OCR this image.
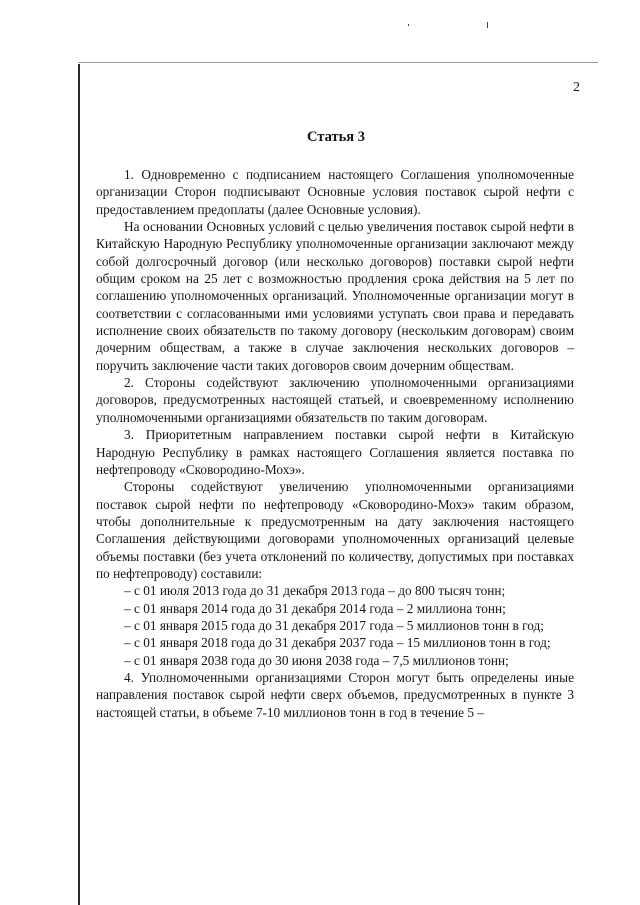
2
Статья 3

1. Одновременно с подписанием настоящего Соглашения уполномоченные организации Сторон подписывают Основные условия поставок сырой нефти с предоставлением предоплаты (далее Основные условия).

На основании Основных условий с целью увеличения поставок сырой нефти в Китайскую Народную Республику уполномоченные организации заключают между собой долгосрочный договор (или несколько договоров) поставки сырой нефти общим сроком на 25 лет с возможностью продления срока действия на 5 лет по соглашению уполномоченных организаций. Уполномоченные организации могут в соответствии с согласованными ими условиями уступать свои права и передавать исполнение своих обязательств по такому договору (нескольким договорам) своим дочерним обществам, а также в случае заключения нескольких договоров – поручить заключение части таких договоров своим дочерним обществам.

2. Стороны содействуют заключению уполномоченными организациями договоров, предусмотренных настоящей статьей, и своевременному исполнению уполномоченными организациями обязательств по таким договорам.

3. Приоритетным направлением поставки сырой нефти в Китайскую Народную Республику в рамках настоящего Соглашения является поставка по нефтепроводу «Сковородино-Мохэ».

Стороны содействуют увеличению уполномоченными организациями поставок сырой нефти по нефтепроводу «Сковородино-Мохэ» таким образом, чтобы дополнительные к предусмотренным на дату заключения настоящего Соглашения действующими договорами уполномоченных организаций целевые объемы поставки (без учета отклонений по количеству, допустимых при поставках по нефтепроводу) составили:

– с 01 июля 2013 года до 31 декабря 2013 года – до 800 тысяч тонн;

– с 01 января 2014 года до 31 декабря 2014 года – 2 миллиона тонн;

– с 01 января 2015 года до 31 декабря 2017 года – 5 миллионов тонн в год;

– с 01 января 2018 года до 31 декабря 2037 года – 15 миллионов тонн в год;

– с 01 января 2038 года до 30 июня 2038 года – 7,5 миллионов тонн;

4. Уполномоченными организациями Сторон могут быть определены иные направления поставок сырой нефти сверх объемов, предусмотренных в пункте 3 настоящей статьи, в объеме 7-10 миллионов тонн в год в течение 5 –
